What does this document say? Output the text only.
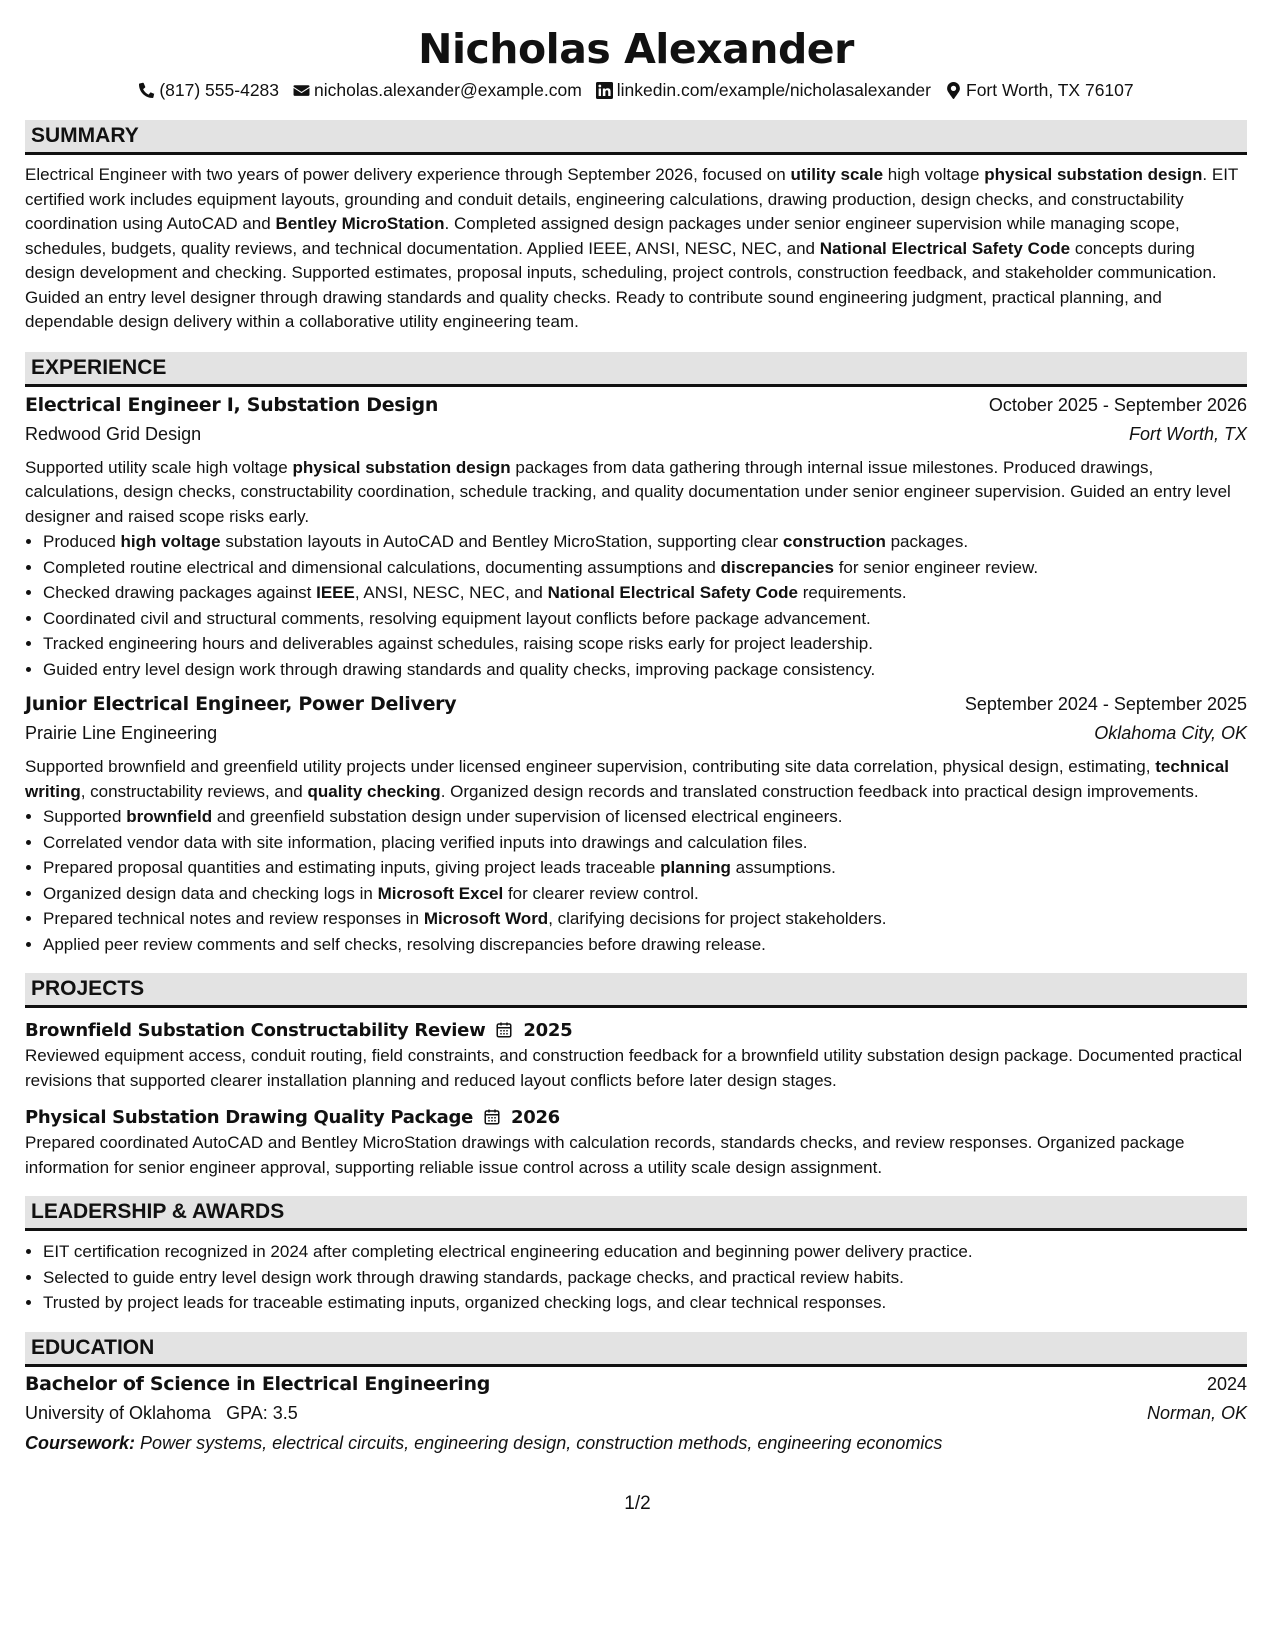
Nicholas Alexander
(817) 555-4283 nicholas.alexander@example.com linkedin.com/example/nicholasalexander Fort Worth, TX 76107
SUMMARY

Electrical Engineer with two years of power delivery experience through September 2026, focused on utility scale high voltage physical substation design. EIT certified work includes equipment layouts, grounding and conduit details, engineering calculations, drawing production, design checks, and constructability coordination using AutoCAD and Bentley MicroStation. Completed assigned design packages under senior engineer supervision while managing scope, schedules, budgets, quality reviews, and technical documentation. Applied IEEE, ANSI, NESC, NEC, and National Electrical Safety Code concepts during design development and checking. Supported estimates, proposal inputs, scheduling, project controls, construction feedback, and stakeholder communication. Guided an entry level designer through drawing standards and quality checks. Ready to contribute sound engineering judgment, practical planning, and dependable design delivery within a collaborative utility engineering team.

EXPERIENCE
Electrical Engineer I, Substation Design	October 2025 - September 2026
Redwood Grid Design	Fort Worth, TX

Supported utility scale high voltage physical substation design packages from data gathering through internal issue milestones. Produced drawings, calculations, design checks, constructability coordination, schedule tracking, and quality documentation under senior engineer supervision. Guided an entry level designer and raised scope risks early.

• Produced high voltage substation layouts in AutoCAD and Bentley MicroStation, supporting clear construction packages.
• Completed routine electrical and dimensional calculations, documenting assumptions and discrepancies for senior engineer review.
• Checked drawing packages against IEEE, ANSI, NESC, NEC, and National Electrical Safety Code requirements.
• Coordinated civil and structural comments, resolving equipment layout conflicts before package advancement.
• Tracked engineering hours and deliverables against schedules, raising scope risks early for project leadership.
• Guided entry level design work through drawing standards and quality checks, improving package consistency.
Junior Electrical Engineer, Power Delivery	September 2024 - September 2025
Prairie Line Engineering	Oklahoma City, OK

Supported brownfield and greenfield utility projects under licensed engineer supervision, contributing site data correlation, physical design, estimating, technical writing, constructability reviews, and quality checking. Organized design records and translated construction feedback into practical design improvements.

• Supported brownfield and greenfield substation design under supervision of licensed electrical engineers.
• Correlated vendor data with site information, placing verified inputs into drawings and calculation files.
• Prepared proposal quantities and estimating inputs, giving project leads traceable planning assumptions.
• Organized design data and checking logs in Microsoft Excel for clearer review control.
• Prepared technical notes and review responses in Microsoft Word, clarifying decisions for project stakeholders.
• Applied peer review comments and self checks, resolving discrepancies before drawing release.
PROJECTS
Brownfield Substation Constructability Review 2025

Reviewed equipment access, conduit routing, field constraints, and construction feedback for a brownfield utility substation design package. Documented practical revisions that supported clearer installation planning and reduced layout conflicts before later design stages.

Physical Substation Drawing Quality Package 2026

Prepared coordinated AutoCAD and Bentley MicroStation drawings with calculation records, standards checks, and review responses. Organized package information for senior engineer approval, supporting reliable issue control across a utility scale design assignment.

LEADERSHIP & AWARDS
• EIT certification recognized in 2024 after completing electrical engineering education and beginning power delivery practice.
• Selected to guide entry level design work through drawing standards, package checks, and practical review habits.
• Trusted by project leads for traceable estimating inputs, organized checking logs, and clear technical responses.
EDUCATION
Bachelor of Science in Electrical Engineering	2024
University of Oklahoma GPA: 3.5	Norman, OK
Coursework: Power systems, electrical circuits, engineering design, construction methods, engineering economics
1/2
